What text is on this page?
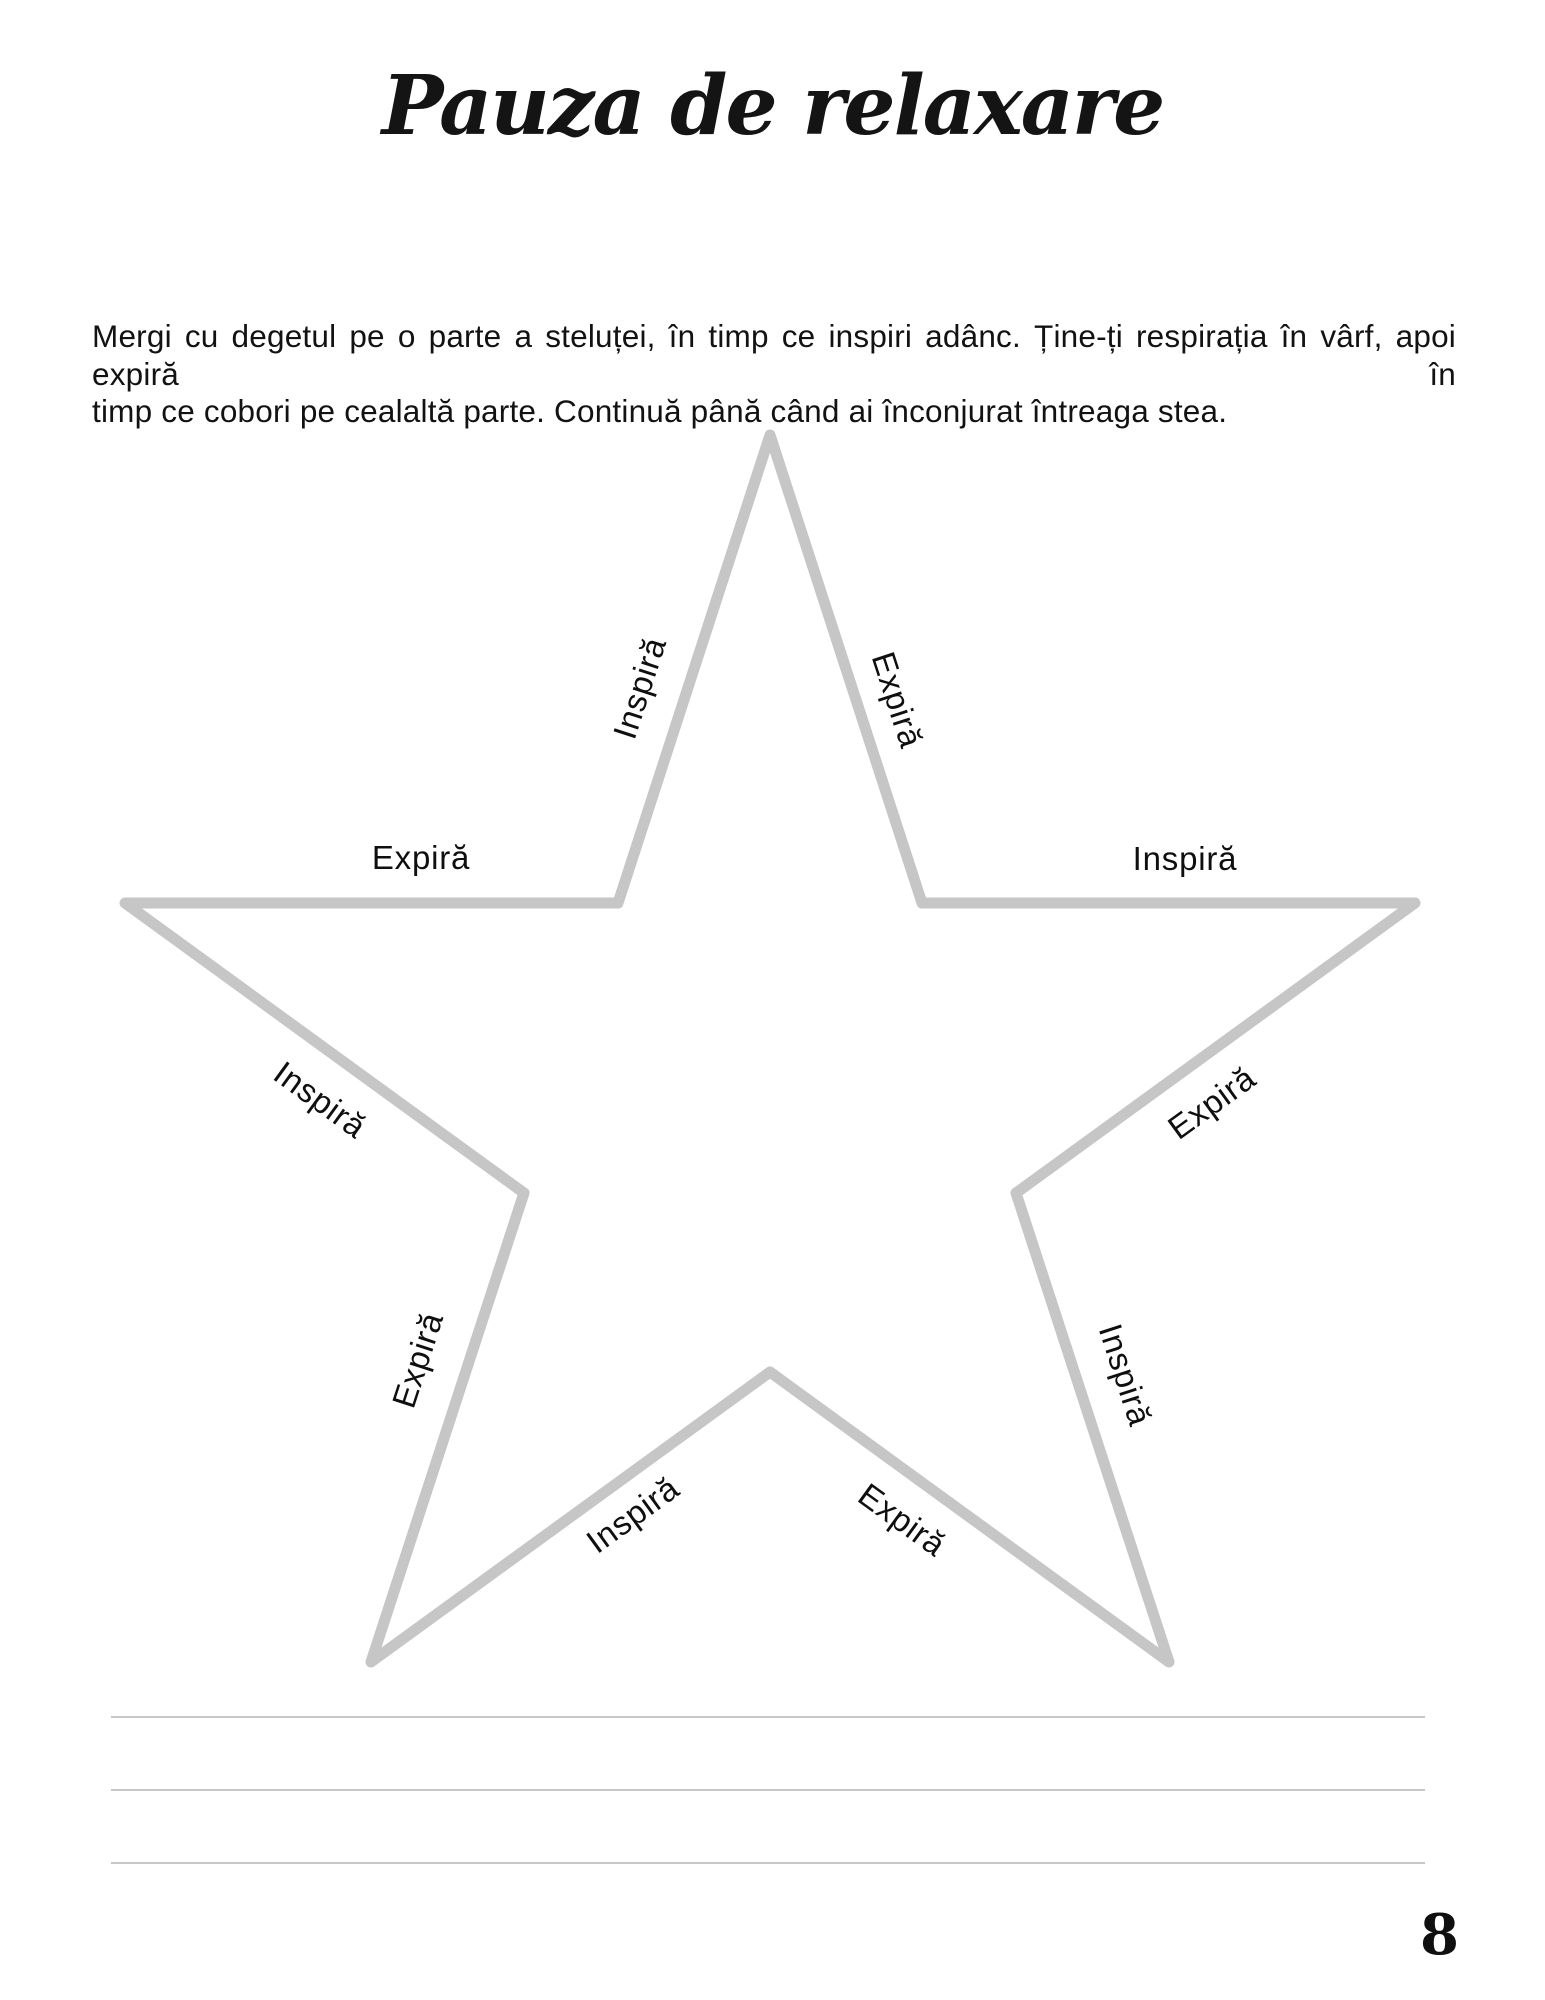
Pauza de relaxare
Mergi cu degetul pe o parte a steluței, în timp ce inspiri adânc. Ține-ți respirația în vârf, apoi expiră în
timp ce cobori pe cealaltă parte. Continuă până când ai înconjurat întreaga stea.
Inspiră	Expiră
Expiră	Inspiră
Inspiră	Expiră
Expiră	Inspiră
Inspiră	Expiră
8
